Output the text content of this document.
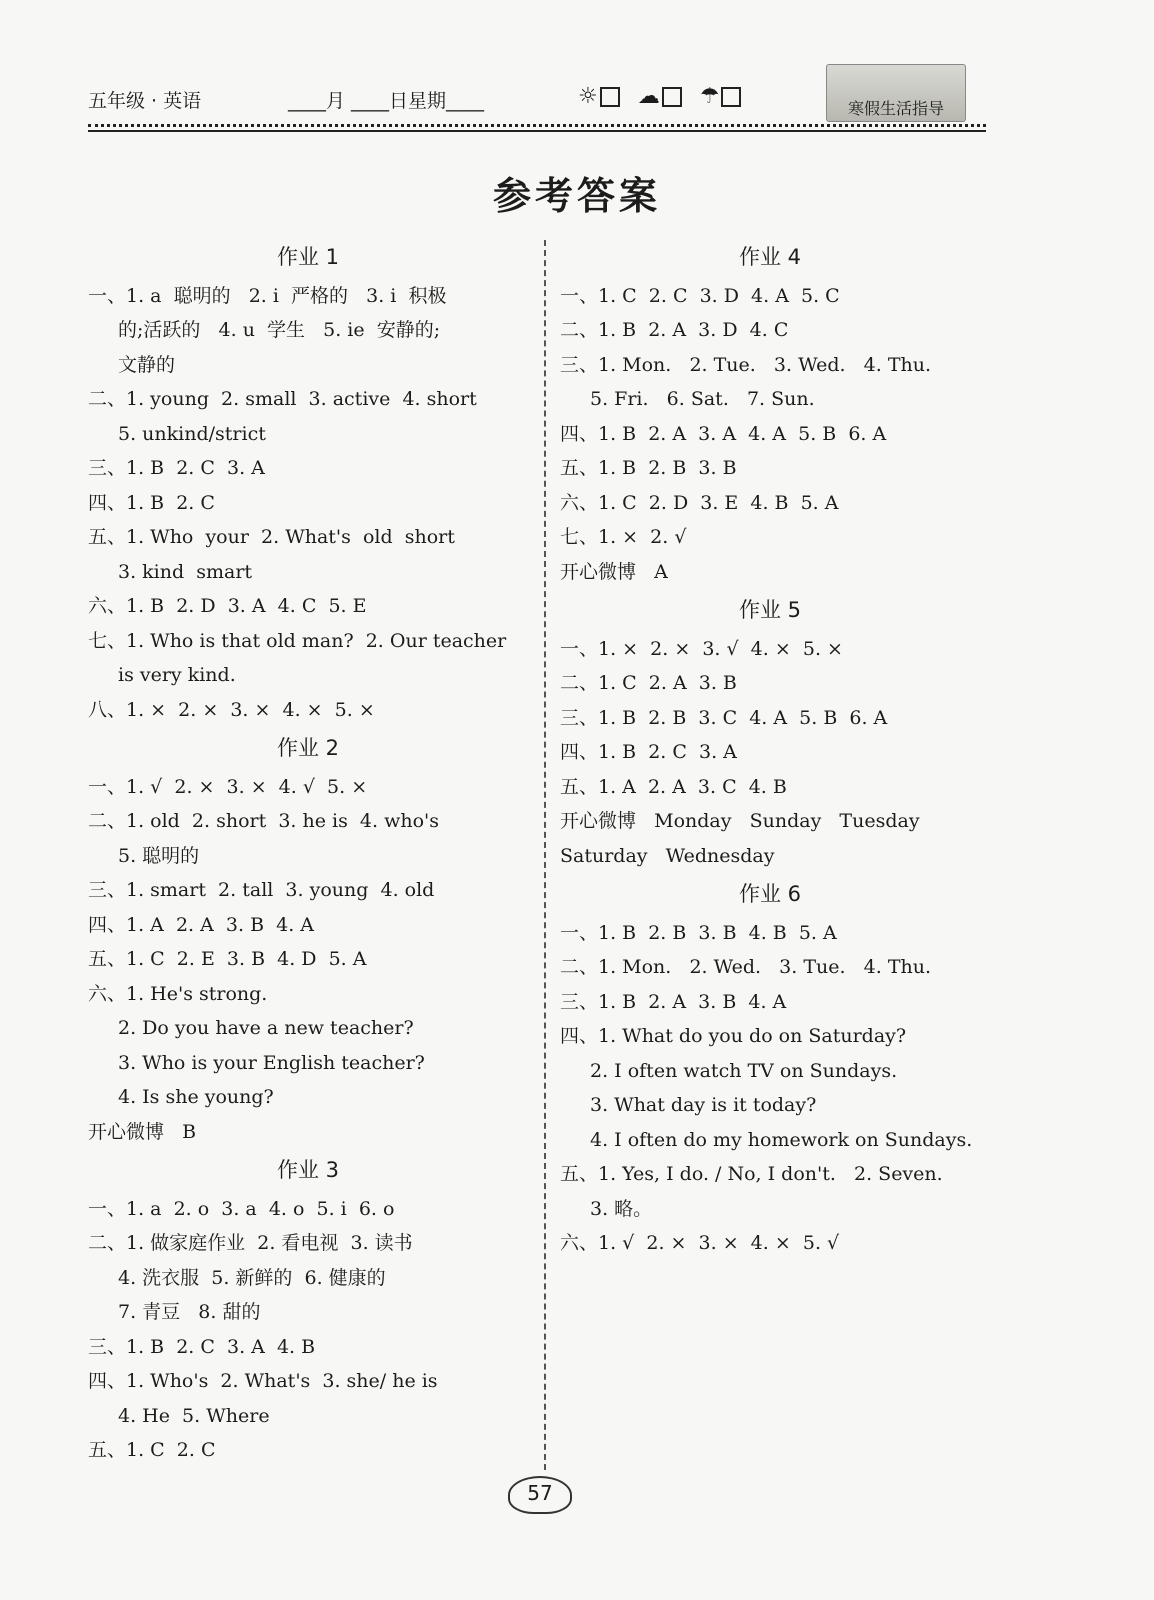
五年级 · 英语	____月 ____日星期____	☼	☁	☂	寒假生活指导
参考答案
作业 1
一、1. a  聪明的   2. i  严格的   3. i  积极
的;活跃的   4. u  学生   5. ie  安静的;
文静的
二、1. young  2. small  3. active  4. short
5. unkind/strict
三、1. B  2. C  3. A
四、1. B  2. C
五、1. Who  your  2. What's  old  short
3. kind  smart
六、1. B  2. D  3. A  4. C  5. E
七、1. Who is that old man?  2. Our teacher
is very kind.
八、1. ×  2. ×  3. ×  4. ×  5. ×
作业 2
一、1. √  2. ×  3. ×  4. √  5. ×
二、1. old  2. short  3. he is  4. who's
5. 聪明的
三、1. smart  2. tall  3. young  4. old
四、1. A  2. A  3. B  4. A
五、1. C  2. E  3. B  4. D  5. A
六、1. He's strong.
2. Do you have a new teacher?
3. Who is your English teacher?
4. Is she young?
开心微博   B
作业 3
一、1. a  2. o  3. a  4. o  5. i  6. o
二、1. 做家庭作业  2. 看电视  3. 读书
4. 洗衣服  5. 新鲜的  6. 健康的
7. 青豆   8. 甜的
三、1. B  2. C  3. A  4. B
四、1. Who's  2. What's  3. she/ he is
4. He  5. Where
五、1. C  2. C
作业 4
一、1. C  2. C  3. D  4. A  5. C
二、1. B  2. A  3. D  4. C
三、1. Mon.   2. Tue.   3. Wed.   4. Thu.
5. Fri.   6. Sat.   7. Sun.
四、1. B  2. A  3. A  4. A  5. B  6. A
五、1. B  2. B  3. B
六、1. C  2. D  3. E  4. B  5. A
七、1. ×  2. √
开心微博   A
作业 5
一、1. ×  2. ×  3. √  4. ×  5. ×
二、1. C  2. A  3. B
三、1. B  2. B  3. C  4. A  5. B  6. A
四、1. B  2. C  3. A
五、1. A  2. A  3. C  4. B
开心微博   Monday   Sunday   Tuesday
Saturday   Wednesday
作业 6
一、1. B  2. B  3. B  4. B  5. A
二、1. Mon.   2. Wed.   3. Tue.   4. Thu.
三、1. B  2. A  3. B  4. A
四、1. What do you do on Saturday?
2. I often watch TV on Sundays.
3. What day is it today?
4. I often do my homework on Sundays.
五、1. Yes, I do. / No, I don't.   2. Seven.
3. 略。
六、1. √  2. ×  3. ×  4. ×  5. √
57
